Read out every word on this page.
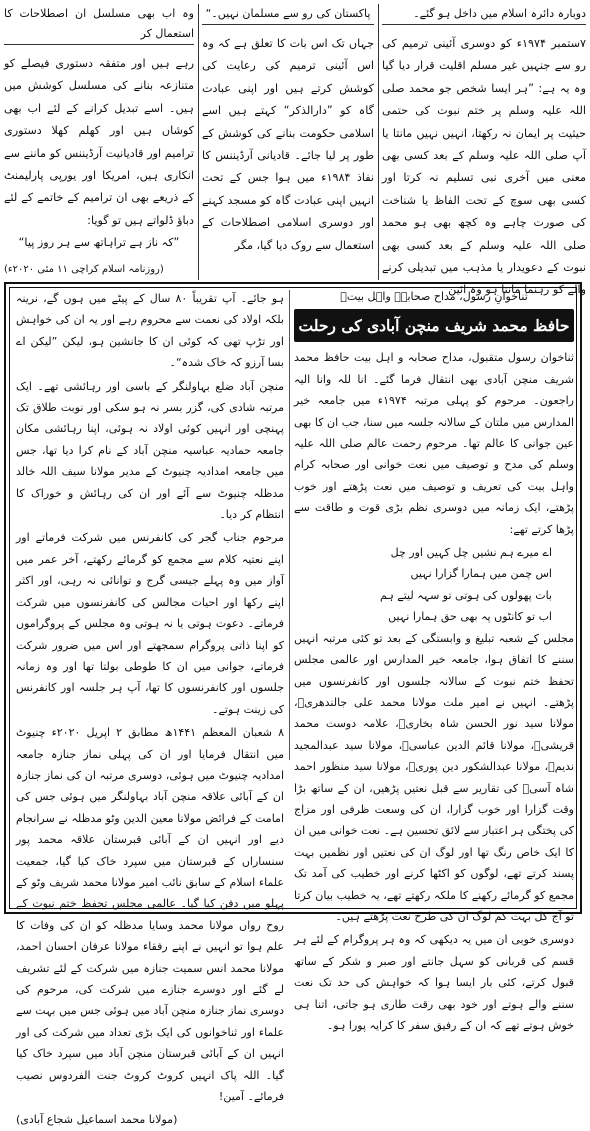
دوبارہ دائرہ اسلام میں داخل ہو گئے۔

۷ستمبر ۱۹۷۴ء کو دوسری آئینی ترمیم کی رو سے جنہیں غیر مسلم اقلیت قرار دیا گیا وہ یہ ہے: ”ہر ایسا شخص جو محمد صلی اللہ علیہ وسلم پر ختم نبوت کی حتمی حیثیت پر ایمان نہ رکھتا، انہیں نہیں مانتا یا آپ صلی اللہ علیہ وسلم کے بعد کسی بھی معنی میں آخری نبی تسلیم نہ کرتا اور کسی بھی سوچ کے تحت الفاظ یا شناخت کی صورت چاہے وہ کچھ بھی ہو محمد صلی اللہ علیہ وسلم کے بعد کسی بھی نبوت کے دعویدار یا مذہب میں تبدیلی کرنے والے کو رہنما مانتا ہو وہ آئین

پاکستان کی رو سے مسلمان نہیں۔“

جہاں تک اس بات کا تعلق ہے کہ وہ اس آئینی ترمیم کی رعایت کی کوشش کرتے ہیں اور اپنی عبادت گاہ کو ”دارالذکر“ کہتے ہیں اسے اسلامی حکومت بنانے کی کوشش کے طور پر لیا جائے۔ قادیانی آرڈیننس کا نفاذ ۱۹۸۴ء میں ہوا جس کے تحت انہیں اپنی عبادت گاہ کو مسجد کہنے اور دوسری اسلامی اصطلاحات کے استعمال سے روک دیا گیا، مگر

وہ اب بھی مسلسل ان اصطلاحات کا استعمال کر

رہے ہیں اور متفقہ دستوری فیصلے کو متنازعہ بنانے کی مسلسل کوشش میں ہیں۔ اسے تبدیل کرانے کے لئے اب بھی کوشاں ہیں اور کھلم کھلا دستوری ترامیم اور قادیانیت آرڈیننس کو ماننے سے انکاری ہیں، امریکا اور یورپی پارلیمنٹ کے ذریعے بھی ان ترامیم کے خاتمے کے لئے دباؤ ڈلواتے ہیں تو گویا:

”کہ ناز ہے تراہاتھ سے ہر روز پیا“
(روزنامہ اسلام کراچی ۱۱ مئی ۲۰۲۰ء)
ثناخوانِ رسول، مداح صحابہؓ واہل بیتؓ
حافظ محمد شریف منچن آبادی کی رحلت

ثناخوان رسول متقبول، مداح صحابہ و اہل بیت حافظ محمد شریف منچن آبادی بھی انتقال فرما گئے۔ انا للہ وانا الیہ راجعون۔ مرحوم کو پہلی مرتبہ ۱۹۷۴ء میں جامعہ خیر المدارس میں ملتان کے سالانہ جلسہ میں سنا، جب ان کا بھی عین جوانی کا عالم تھا۔ مرحوم رحمت عالم صلی اللہ علیہ وسلم کی مدح و توصیف میں نعت خوانی اور صحابہ کرام واہل بیت کی تعریف و توصیف میں نعت پڑھتے اور خوب پڑھتے، ایک زمانہ میں دوسری نظم بڑی قوت و طاقت سے پڑھا کرتے تھے:

اے میرے ہم نشیں چل کہیں اور چل
اس چمن میں ہمارا گزارا نہیں
بات پھولوں کی ہوتی تو سہہ لیتے ہم
اب تو کانٹوں پہ بھی حق ہمارا نہیں

مجلس کے شعبہ تبلیغ و وابستگی کے بعد تو کئی مرتبہ انہیں سننے کا اتفاق ہوا، جامعہ خیر المدارس اور عالمی مجلس تحفظ ختم نبوت کے سالانہ جلسوں اور کانفرنسوں میں پڑھتے۔ انہیں نے امیر ملت مولانا محمد علی جالندھریؒ، مولانا سید نور الحسن شاہ بخاریؒ، علامہ دوست محمد قریشیؒ، مولانا قائم الدین عباسیؒ، مولانا سید عبدالمجید ندیمؒ، مولانا عبدالشکور دین پوریؒ، مولانا سید منظور احمد شاہ آسیؒ کی تقاریر سے قبل نعتیں پڑھیں، ان کے ساتھ بڑا وقت گزارا اور خوب گزارا، ان کی وسعت ظرفی اور مزاج کی پختگی ہر اعتبار سے لائق تحسین ہے۔ نعت خوانی میں ان کا ایک خاص رنگ تھا اور لوگ ان کی نعتیں اور نظمیں بہت پسند کرتے تھے، لوگوں کو اکٹھا کرنے اور خطیب کی آمد تک مجمع کو گرمائے رکھنے کا ملکہ رکھتے تھے، یہ خطیب بیان کرتا تو آج کل بہت کم لوگ ان کی طرح نعت پڑھتے ہیں۔

دوسری خوبی ان میں یہ دیکھی کہ وہ ہر پروگرام کے لئے ہر قسم کی قربانی کو سہل جانتے اور صبر و شکر کے ساتھ قبول کرتے، کئی بار ایسا ہوا کہ خواہش کی حد تک نعت سننے والے ہوتے اور خود بھی رقت طاری ہو جاتی، اتنا ہی خوش ہوتے تھے کہ ان کے رفیق سفر کا کرایہ پورا ہو۔

ہو جائے۔ آپ تقریباً ۸۰ سال کے پیٹے میں ہوں گے، نرینہ بلکہ اولاد کی نعمت سے محروم رہے اور یہ ان کی خواہش اور تڑپ تھی کہ کوئی ان کا جانشین ہو، لیکن ”لیکن اے بسا آرزو کہ خاک شدہ“۔

منچن آباد ضلع بہاولنگر کے باسی اور رہائشی تھے۔ ایک مرتبہ شادی کی، گزر بسر نہ ہو سکی اور نوبت طلاق تک پہنچی اور انہیں کوئی اولاد نہ ہوئی، اپنا رہائشی مکان جامعہ حمادیہ عباسیہ منچن آباد کے نام کرا دیا تھا، جس میں جامعہ امدادیہ چنیوٹ کے مدیر مولانا سیف اللہ خالد مدظلہ چنیوٹ سے آئے اور ان کی رہائش و خوراک کا انتظام کر دیا۔

مرحوم جناب گجر کی کانفرنس میں شرکت فرماتے اور اپنے نعتیہ کلام سے مجمع کو گرمائے رکھتے، آخر عمر میں آواز میں وہ پہلے جیسی گرج و توانائی نہ رہی، اور اکثر اپنے رکھا اور احیات مجالس کی کانفرنسوں میں شرکت فرماتے۔ دعوت ہوتی یا نہ ہوتی وہ مجلس کے پروگراموں کو اپنا ذاتی پروگرام سمجھتے اور اس میں ضرور شرکت فرماتے، جوانی میں ان کا طوطی بولتا تھا اور وہ زمانہ جلسوں اور کانفرنسوں کا تھا، آپ ہر جلسہ اور کانفرنس کی زینت ہوتے۔

۸ شعبان المعظم ۱۴۴۱ھ مطابق ۲ اپریل ۲۰۲۰ء چنیوٹ میں انتقال فرمایا اور ان کی پہلی نماز جنازہ جامعہ امدادیہ چنیوٹ میں ہوئی، دوسری مرتبہ ان کی نماز جنازہ ان کے آبائی علاقہ منچن آباد بہاولنگر میں ہوئی جس کی امامت کے فرائض مولانا معین الدین وٹو مدظلہ نے سرانجام دیے اور انہیں ان کے آبائی قبرستان علاقہ محمد پور سنساراں کے قبرستان میں سپرد خاک کیا گیا، جمعیت علماء اسلام کے سابق نائب امیر مولانا محمد شریف وٹو کے پہلو میں دفن کیا گیا۔ عالمی مجلس تحفظ ختم نبوت کے روح رواں مولانا محمد وسایا مدظلہ کو ان کی وفات کا علم ہوا تو انہیں نے اپنے رفقاء مولانا عرفان احسان احمد، مولانا محمد انس سمیت جنازہ میں شرکت کے لئے تشریف لے گئے اور دوسرے جنازے میں شرکت کی، مرحوم کی دوسری نماز جنازہ منچن آباد میں ہوئی جس میں بہت سے علماء اور ثناخوانوں کی ایک بڑی تعداد میں شرکت کی اور انہیں ان کے آبائی قبرستان منچن آباد میں سپرد خاک کیا گیا۔ اللہ پاک انہیں کروٹ کروٹ جنت الفردوس نصیب فرمائے۔ آمین!

(مولانا محمد اسماعیل شجاع آبادی)
